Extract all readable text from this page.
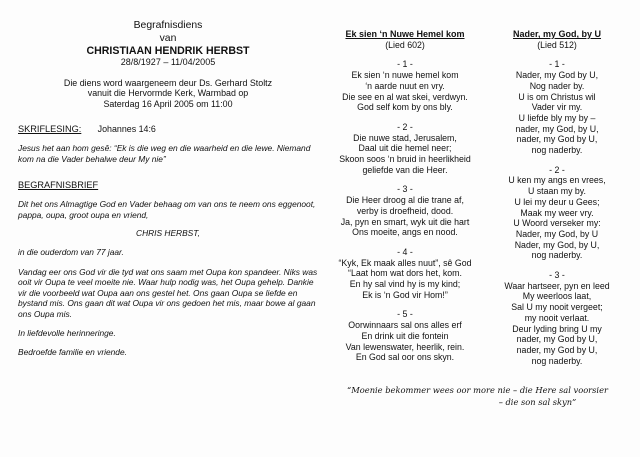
Begrafnisdiens

van

CHRISTIAAN HENDRIK HERBST

28/8/1927 – 11/04/2005

Die diens word waargeneem deur Ds. Gerhard Stoltz

vanuit die Hervormde Kerk, Warmbad op

Saterdag 16 April 2005 om 11:00

SKRIFLESING: Johannes 14:6

Jesus het aan hom gesê: “Ek is die weg en die waarheid en die lewe. Niemand kom na die Vader behalwe deur My nie”

BEGRAFNISBRIEF

Dit het ons Almagtige God en Vader behaag om van ons te neem ons eggenoot, pappa, oupa, groot oupa en vriend,

CHRIS HERBST,

in die ouderdom van 77 jaar.

Vandag eer ons God vir die tyd wat ons saam met Oupa kon spandeer. Niks was ooit vir Oupa te veel moeite nie. Waar hulp nodig was, het Oupa gehelp. Dankie vir die voorbeeld wat Oupa aan ons gestel het. Ons gaan Oupa se liefde en bystand mis. Ons gaan dit wat Oupa vir ons gedoen het mis, maar bowe al gaan ons Oupa mis.

In liefdevolle herinneringe.

Bedroefde familie en vriende.

Ek sien ‘n Nuwe Hemel kom

(Lied 602)

- 1 -

Ek sien ‘n nuwe hemel kom

‘n aarde nuut en vry.

Die see en al wat skei, verdwyn.

God self kom by ons bly.

- 2 -

Die nuwe stad, Jerusalem,

Daal uit die hemel neer;

Skoon soos ‘n bruid in heerlikheid

geliefde van die Heer.

- 3 -

Die Heer droog al die trane af,

verby is droefheid, dood.

Ja, pyn en smart, wyk uit die hart

Ons moeite, angs en nood.

- 4 -

“Kyk, Ek maak alles nuut”, sê God

“Laat hom wat dors het, kom.

En hy sal vind hy is my kind;

Ek is ‘n God vir Hom!”

- 5 -

Oorwinnaars sal ons alles erf

En drink uit die fontein

Van lewenswater, heerlik, rein.

En God sal oor ons skyn.

Nader, my God, by U

(Lied 512)

- 1 -

Nader, my God by U,

Nog nader by.

U is om Christus wil

Vader vir my.

U liefde bly my by –

nader, my God, by U,

nader, my God by U,

nog naderby.

- 2 -

U ken my angs en vrees,

U staan my by.

U lei my deur u Gees;

Maak my weer vry.

U Woord verseker my:

Nader, my God, by U

Nader, my God, by U,

nog naderby.

- 3 -

Waar hartseer, pyn en leed

My weerloos laat,

Sal U my nooit vergeet;

my nooit verlaat.

Deur lyding bring U my

nader, my God by U,

nader, my God by U,

nog naderby.

“Moenie bekommer wees oor more nie – die Here sal voorsier

– die son sal skyn”
